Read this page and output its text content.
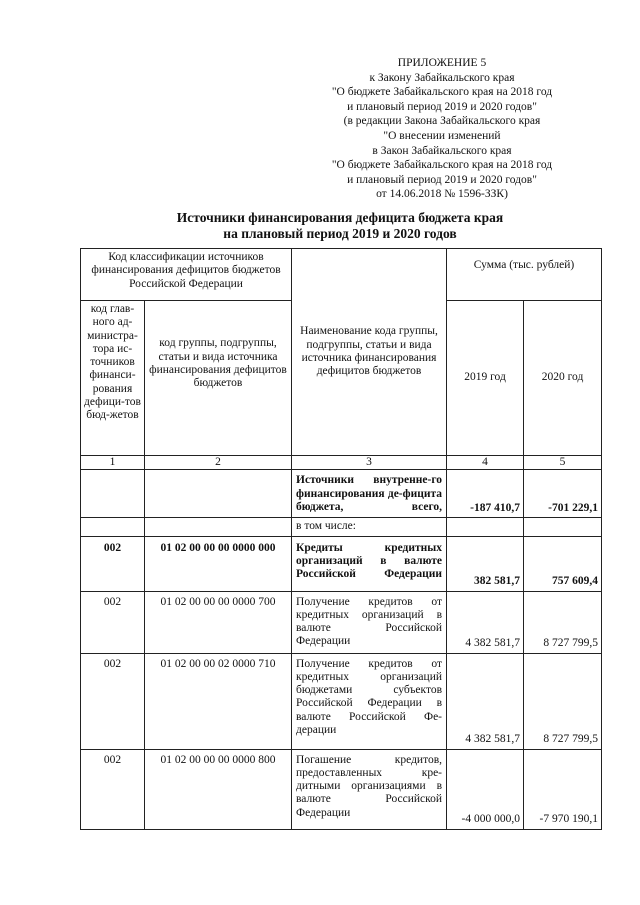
ПРИЛОЖЕНИЕ 5
к Закону Забайкальского края
"О бюджете Забайкальского края на 2018 год
и плановый период 2019 и 2020 годов"
(в редакции Закона Забайкальского края
"О внесении изменений
в Закон Забайкальского края
"О бюджете Забайкальского края на 2018 год
и плановый период 2019 и 2020 годов"
от 14.06.2018 № 1596-ЗЗК)
Источники финансирования дефицита бюджета края
на плановый период 2019 и 2020 годов
Код классификации источников финансирования дефицитов бюджетов Российской Федерации		Наименование кода группы, подгруппы, статьи и вида источника финансирования дефицитов бюджетов	Сумма (тыс. рублей)	
код глав-ного ад-министра-тора ис-точников финанси-рования дефици-тов бюд-жетов	код группы, подгруппы, статьи и вида источника финансирования дефицитов бюджетов		2019 год	2020 год
1	2	3	4	5
		Источники внутренне-го финансирования де-фицита бюджета, всего,	-187 410,7	-701 229,1
		в том числе:		
002	01 02 00 00 00 0000 000	Кредиты кредитных организаций в валюте Российской Федерации	382 581,7	757 609,4
002	01 02 00 00 00 0000 700	Получение кредитов от кредитных организаций в валюте Российской Федерации	4 382 581,7	8 727 799,5
002	01 02 00 00 02 0000 710	Получение кредитов от кредитных организаций бюджетами субъектов Российской Федерации в валюте Российской Фе-дерации	4 382 581,7	8 727 799,5
002	01 02 00 00 00 0000 800	Погашение кредитов, предоставленных кре-дитными организациями в валюте Российской Федерации	-4 000 000,0	-7 970 190,1
